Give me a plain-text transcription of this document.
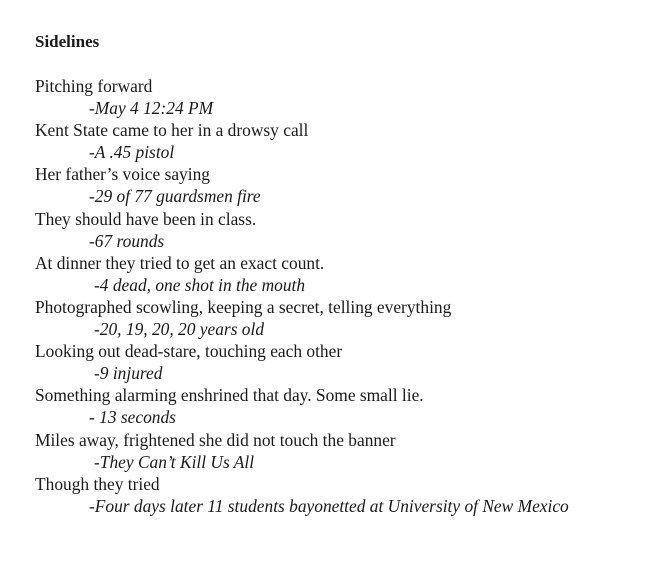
Sidelines
Pitching forward
-May 4 12:24 PM
Kent State came to her in a drowsy call
-A .45 pistol
Her father’s voice saying
-29 of 77 guardsmen fire
They should have been in class.
-67 rounds
At dinner they tried to get an exact count.
-4 dead, one shot in the mouth
Photographed scowling, keeping a secret, telling everything
-20, 19, 20, 20 years old
Looking out dead-stare, touching each other
-9 injured
Something alarming enshrined that day. Some small lie.
- 13 seconds
Miles away, frightened she did not touch the banner
-They Can’t Kill Us All
Though they tried
-Four days later 11 students bayonetted at University of New Mexico
